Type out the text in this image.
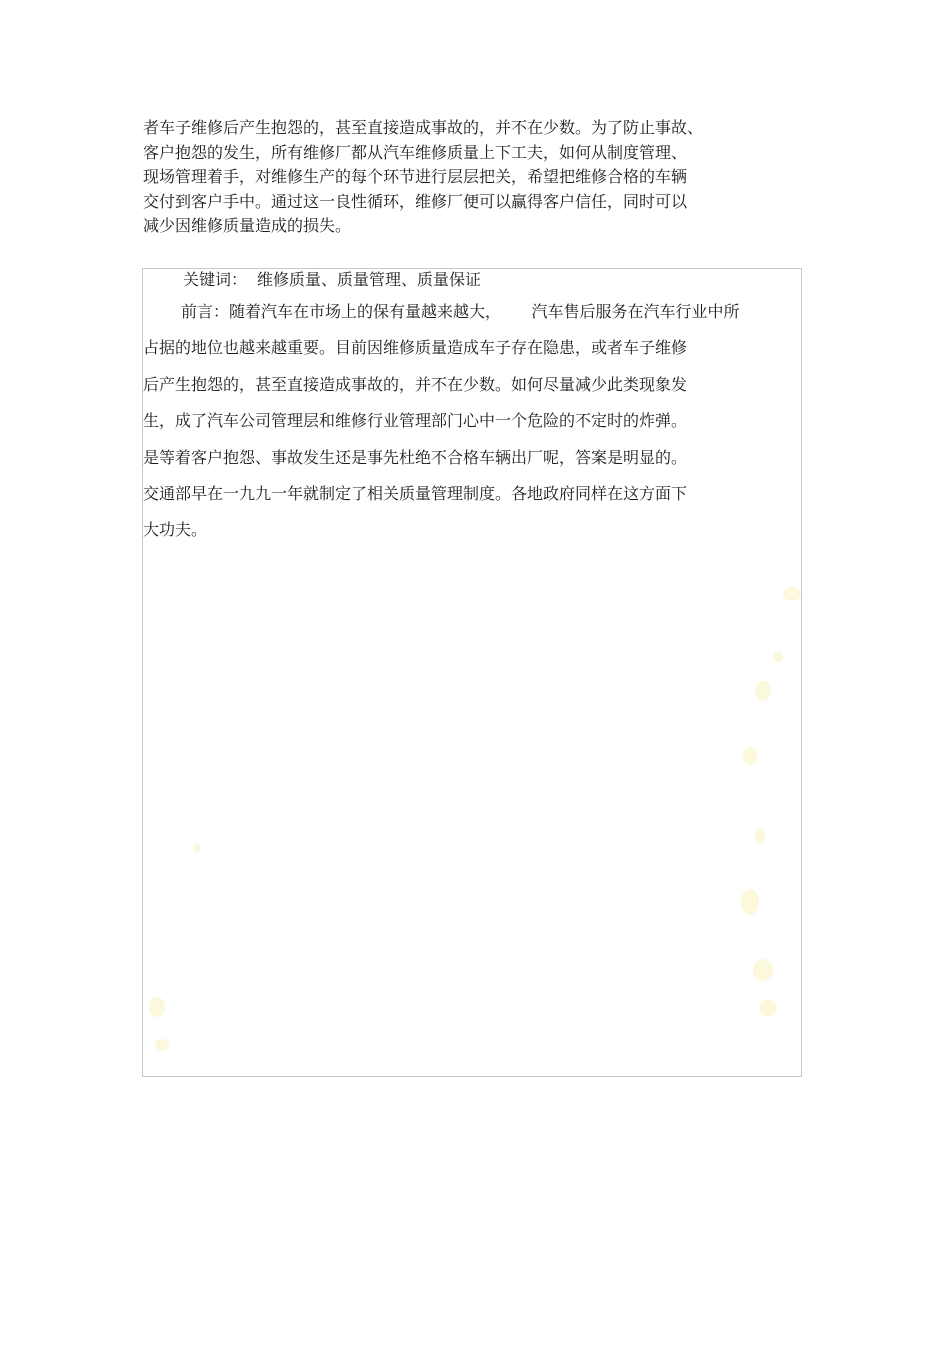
者车子维修后产生抱怨的，甚至直接造成事故的，并不在少数。为了防止事故、
客户抱怨的发生，所有维修厂都从汽车维修质量上下工夫，如何从制度管理、
现场管理着手，对维修生产的每个环节进行层层把关，希望把维修合格的车辆
交付到客户手中。通过这一良性循环，维修厂便可以赢得客户信任，同时可以
减少因维修质量造成的损失。
关键词： 维修质量、质量管理、质量保证
前言：随着汽车在市场上的保有量越来越大，      汽车售后服务在汽车行业中所
占据的地位也越来越重要。目前因维修质量造成车子存在隐患，或者车子维修
后产生抱怨的，甚至直接造成事故的，并不在少数。如何尽量减少此类现象发
生，成了汽车公司管理层和维修行业管理部门心中一个危险的不定时的炸弹。
是等着客户抱怨、事故发生还是事先杜绝不合格车辆出厂呢，答案是明显的。
交通部早在一九九一年就制定了相关质量管理制度。各地政府同样在这方面下
大功夫。
